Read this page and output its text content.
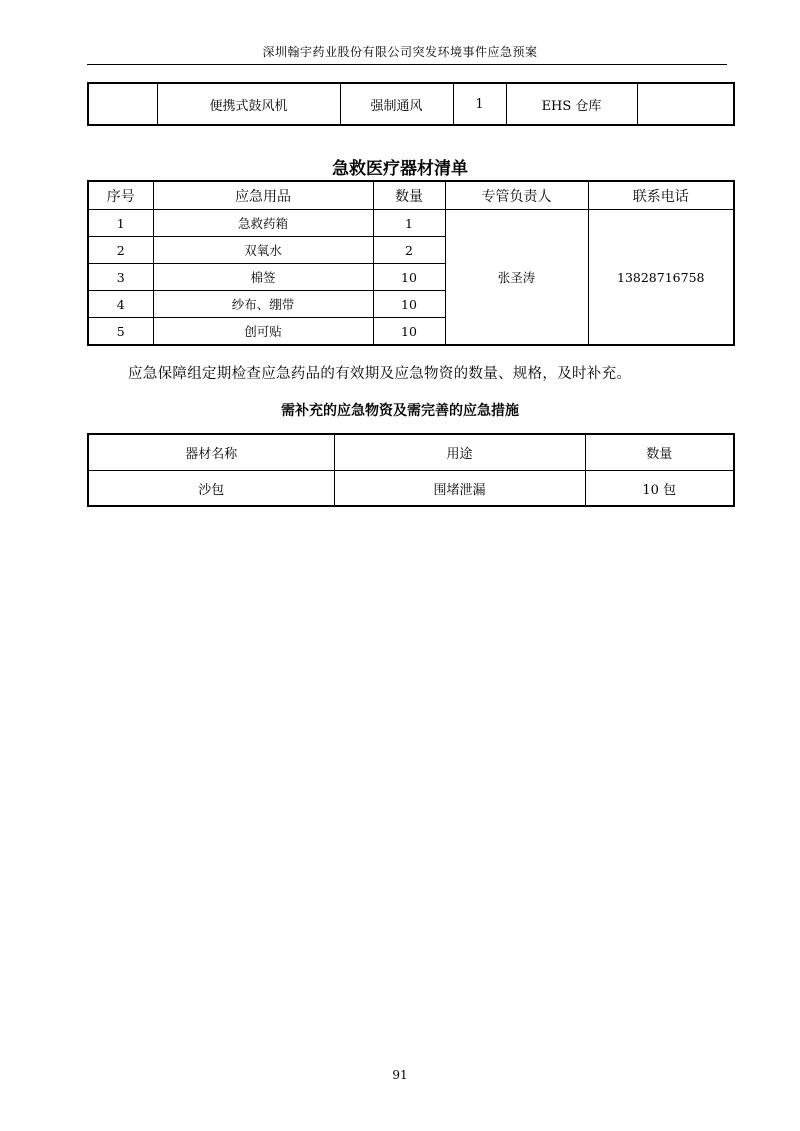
深圳翰宇药业股份有限公司突发环境事件应急预案
	便携式鼓风机	强制通风	1	EHS 仓库	
急救医疗器材清单
序号	应急用品	数量	专管负责人	联系电话
1	急救药箱	1	张圣涛	13828716758
2	双氧水	2		
3	棉签	10		
4	纱布、绷带	10		
5	创可贴	10		
应急保障组定期检查应急药品的有效期及应急物资的数量、规格，及时补充。
需补充的应急物资及需完善的应急措施
器材名称	用途	数量
沙包	围堵泄漏	10 包
91
